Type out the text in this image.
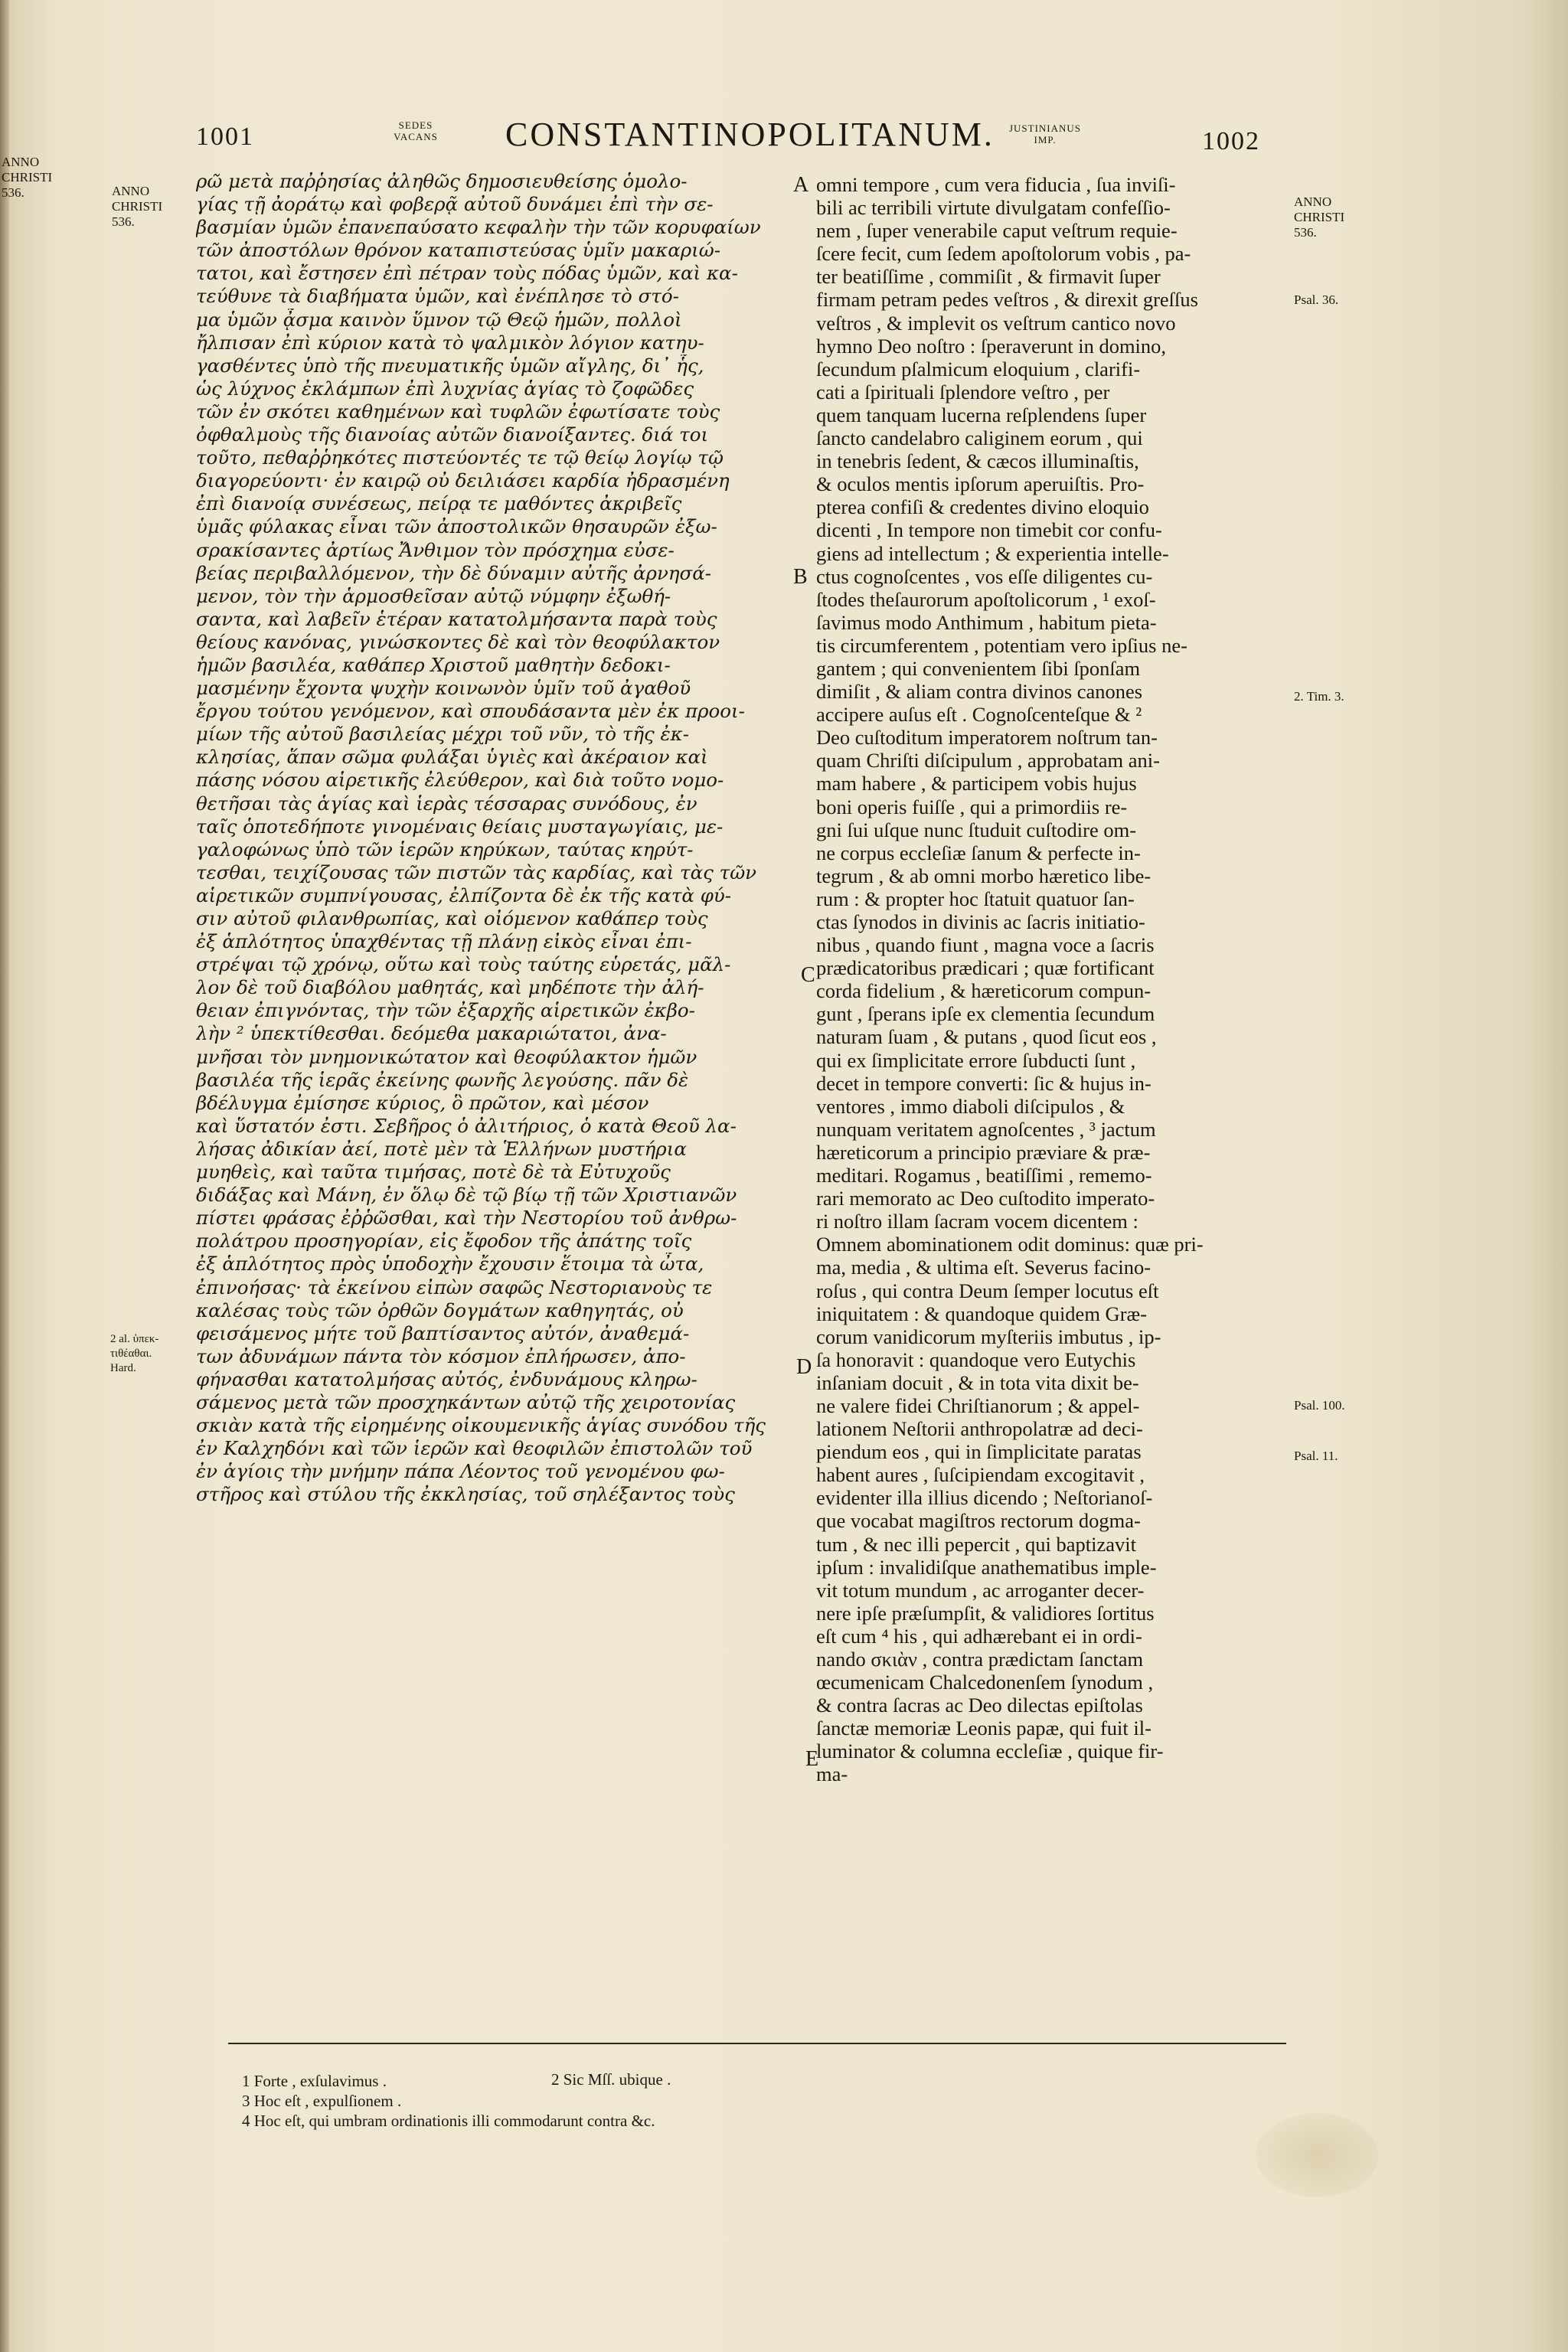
1001	SEDES
VACANS	CONSTANTINOPOLITANUM.	JUSTINIANUS
IMP.	1002
ANNO
CHRISTI
536.	ANNO
CHRISTI
536.
2 al. ὑπεκ-
τιθέαθαι.
Hard.
ANNO
CHRISTI
536.
Psal. 36.
2. Tim. 3.
Psal. 100.
Psal. 11.
A
B
C
D
E
ρῶ μετὰ παῤῥησίας ἀληθῶς δημοσιευθείσης ὁμολο-
γίας τῇ ἀοράτῳ καὶ φοβερᾷ αὐτοῦ δυνάμει ἐπὶ τὴν σε-
βασμίαν ὑμῶν ἐπανεπαύσατο κεφαλὴν τὴν τῶν κορυφαίων
τῶν ἀποστόλων θρόνον καταπιστεύσας ὑμῖν μακαριώ-
τατοι, καὶ ἔστησεν ἐπὶ πέτραν τοὺς πόδας ὑμῶν, καὶ κα-
τεύθυνε τὰ διαβήματα ὑμῶν, καὶ ἐνέπλησε τὸ στό-
μα ὑμῶν ᾆσμα καινὸν ὕμνον τῷ Θεῷ ἡμῶν, πολλοὶ
ἤλπισαν ἐπὶ κύριον κατὰ τὸ ψαλμικὸν λόγιον κατηυ-
γασθέντες ὑπὸ τῆς πνευματικῆς ὑμῶν αἴγλης, δι᾽ ἧς,
ὡς λύχνος ἐκλάμπων ἐπὶ λυχνίας ἁγίας τὸ ζοφῶδες
τῶν ἐν σκότει καθημένων καὶ τυφλῶν ἐφωτίσατε τοὺς
ὀφθαλμοὺς τῆς διανοίας αὐτῶν διανοίξαντες. διά τοι
τοῦτο, πεθαῤῥηκότες πιστεύοντές τε τῷ θείῳ λογίῳ τῷ
διαγορεύοντι· ἐν καιρῷ οὐ δειλιάσει καρδία ἠδρασμένη
ἐπὶ διανοίᾳ συνέσεως, πείρᾳ τε μαθόντες ἀκριβεῖς
ὑμᾶς φύλακας εἶναι τῶν ἀποστολικῶν θησαυρῶν ἐξω-
σρακίσαντες ἀρτίως Ἄνθιμον τὸν πρόσχημα εὐσε-
βείας περιβαλλόμενον, τὴν δὲ δύναμιν αὐτῆς ἀρνησά-
μενον, τὸν τὴν ἁρμοσθεῖσαν αὐτῷ νύμφην ἐξωθή-
σαντα, καὶ λαβεῖν ἑτέραν κατατολμήσαντα παρὰ τοὺς
θείους κανόνας, γινώσκοντες δὲ καὶ τὸν θεοφύλακτον
ἡμῶν βασιλέα, καθάπερ Χριστοῦ μαθητὴν δεδοκι-
μασμένην ἔχοντα ψυχὴν κοινωνὸν ὑμῖν τοῦ ἀγαθοῦ
ἔργου τούτου γενόμενον, καὶ σπουδάσαντα μὲν ἐκ προοι-
μίων τῆς αὐτοῦ βασιλείας μέχρι τοῦ νῦν, τὸ τῆς ἐκ-
κλησίας, ἅπαν σῶμα φυλάξαι ὑγιὲς καὶ ἀκέραιον καὶ
πάσης νόσου αἱρετικῆς ἐλεύθερον, καὶ διὰ τοῦτο νομο-
θετῆσαι τὰς ἁγίας καὶ ἱερὰς τέσσαρας συνόδους, ἐν
ταῖς ὁποτεδήποτε γινομέναις θείαις μυσταγωγίαις, με-
γαλοφώνως ὑπὸ τῶν ἱερῶν κηρύκων, ταύτας κηρύτ-
τεσθαι, τειχίζουσας τῶν πιστῶν τὰς καρδίας, καὶ τὰς τῶν
αἱρετικῶν συμπνίγουσας, ἐλπίζοντα δὲ ἐκ τῆς κατὰ φύ-
σιν αὐτοῦ φιλανθρωπίας, καὶ οἰόμενον καθάπερ τοὺς
ἐξ ἁπλότητος ὑπαχθέντας τῇ πλάνῃ εἰκὸς εἶναι ἐπι-
στρέψαι τῷ χρόνῳ, οὕτω καὶ τοὺς ταύτης εὑρετάς, μᾶλ-
λον δὲ τοῦ διαβόλου μαθητάς, καὶ μηδέποτε τὴν ἀλή-
θειαν ἐπιγνόντας, τὴν τῶν ἐξαρχῆς αἱρετικῶν ἐκβο-
λὴν ² ὑπεκτίθεσθαι. δεόμεθα μακαριώτατοι, ἀνα-
μνῆσαι τὸν μνημονικώτατον καὶ θεοφύλακτον ἡμῶν
βασιλέα τῆς ἱερᾶς ἐκείνης φωνῆς λεγούσης. πᾶν δὲ
βδέλυγμα ἐμίσησε κύριος, ὃ πρῶτον, καὶ μέσον
καὶ ὕστατόν ἐστι. Σεβῆρος ὁ ἀλιτήριος, ὁ κατὰ Θεοῦ λα-
λήσας ἀδικίαν ἀεί, ποτὲ μὲν τὰ Ἑλλήνων μυστήρια
μυηθεὶς, καὶ ταῦτα τιμήσας, ποτὲ δὲ τὰ Εὐτυχοῦς
διδάξας καὶ Μάνη, ἐν ὅλῳ δὲ τῷ βίῳ τῇ τῶν Χριστιανῶν
πίστει φράσας ἐῤῥῶσθαι, καὶ τὴν Νεστορίου τοῦ ἀνθρω-
πολάτρου προσηγορίαν, εἰς ἔφοδον τῆς ἀπάτης τοῖς
ἐξ ἁπλότητος πρὸς ὑποδοχὴν ἔχουσιν ἕτοιμα τὰ ὦτα,
ἐπινοήσας· τὰ ἐκείνου εἰπὼν σαφῶς Νεστοριανοὺς τε
καλέσας τοὺς τῶν ὀρθῶν δογμάτων καθηγητάς, οὐ
φεισάμενος μήτε τοῦ βαπτίσαντος αὐτόν, ἀναθεμά-
των ἀδυνάμων πάντα τὸν κόσμον ἐπλήρωσεν, ἀπο-
φήνασθαι κατατολμήσας αὐτός, ἐνδυνάμους κληρω-
σάμενος μετὰ τῶν προσχηκάντων αὐτῷ τῆς χειροτονίας
σκιὰν κατὰ τῆς εἰρημένης οἰκουμενικῆς ἁγίας συνόδου τῆς
ἐν Καλχηδόνι καὶ τῶν ἱερῶν καὶ θεοφιλῶν ἐπιστολῶν τοῦ
ἐν ἁγίοις τὴν μνήμην πάπα Λέοντος τοῦ γενομένου φω-
στῆρος καὶ στύλου τῆς ἐκκλησίας, τοῦ σηλέξαντος τοὺς
omni tempore , cum vera fiducia , ſua inviſi-
bili ac terribili virtute divulgatam confeſſio-
nem , ſuper venerabile caput veſtrum requie-
ſcere fecit, cum ſedem apoſtolorum vobis , pa-
ter beatiſſime , commiſit , & firmavit ſuper
firmam petram pedes veſtros , & direxit greſſus
veſtros , & implevit os veſtrum cantico novo
hymno Deo noſtro : ſperaverunt in domino,
ſecundum pſalmicum eloquium , clarifi-
cati a ſpirituali ſplendore veſtro , per
quem tanquam lucerna reſplendens ſuper
ſancto candelabro caliginem eorum , qui
in tenebris ſedent, & cæcos illuminaſtis,
& oculos mentis ipſorum aperuiſtis. Pro-
pterea confiſi & credentes divino eloquio
dicenti , In tempore non timebit cor confu-
giens ad intellectum ; & experientia intelle-
ctus cognoſcentes , vos eſſe diligentes cu-
ſtodes theſaurorum apoſtolicorum , ¹ exoſ-
ſavimus modo Anthimum , habitum pieta-
tis circumferentem , potentiam vero ipſius ne-
gantem ; qui convenientem ſibi ſponſam
dimiſit , & aliam contra divinos canones
accipere auſus eſt . Cognoſcenteſque & ²
Deo cuſtoditum imperatorem noſtrum tan-
quam Chriſti diſcipulum , approbatam ani-
mam habere , & participem vobis hujus
boni operis fuiſſe , qui a primordiis re-
gni ſui uſque nunc ſtuduit cuſtodire om-
ne corpus eccleſiæ ſanum & perfecte in-
tegrum , & ab omni morbo hæretico libe-
rum : & propter hoc ſtatuit quatuor ſan-
ctas ſynodos in divinis ac ſacris initiatio-
nibus , quando fiunt , magna voce a ſacris
prædicatoribus prædicari ; quæ fortificant
corda fidelium , & hæreticorum compun-
gunt , ſperans ipſe ex clementia ſecundum
naturam ſuam , & putans , quod ſicut eos ,
qui ex ſimplicitate errore ſubducti ſunt ,
decet in tempore converti: ſic & hujus in-
ventores , immo diaboli diſcipulos , &
nunquam veritatem agnoſcentes , ³ jactum
hæreticorum a principio præviare & præ-
meditari. Rogamus , beatiſſimi , rememo-
rari memorato ac Deo cuſtodito imperato-
ri noſtro illam ſacram vocem dicentem :
Omnem abominationem odit dominus: quæ pri-
ma, media , & ultima eſt. Severus facino-
roſus , qui contra Deum ſemper locutus eſt
iniquitatem : & quandoque quidem Græ-
corum vanidicorum myſteriis imbutus , ip-
ſa honoravit : quandoque vero Eutychis
inſaniam docuit , & in tota vita dixit be-
ne valere fidei Chriſtianorum ; & appel-
lationem Neſtorii anthropolatræ ad deci-
piendum eos , qui in ſimplicitate paratas
habent aures , ſuſcipiendam excogitavit ,
evidenter illa illius dicendo ; Neſtorianoſ-
que vocabat magiſtros rectorum dogma-
tum , & nec illi pepercit , qui baptizavit
ipſum : invalidiſque anathematibus imple-
vit totum mundum , ac arroganter decer-
nere ipſe præſumpſit, & validiores ſortitus
eſt cum ⁴ his , qui adhærebant ei in ordi-
nando σκιὰν , contra prædictam ſanctam
œcumenicam Chalcedonenſem ſynodum ,
& contra ſacras ac Deo dilectas epiſtolas
ſanctæ memoriæ Leonis papæ, qui fuit il-
luminator & columna eccleſiæ , quique fir-
ma-
1 Forte , exſulavimus .	2 Sic Mſſ. ubique .
3 Hoc eſt , expulſionem .
4 Hoc eſt, qui umbram ordinationis illi commodarunt contra &c.
